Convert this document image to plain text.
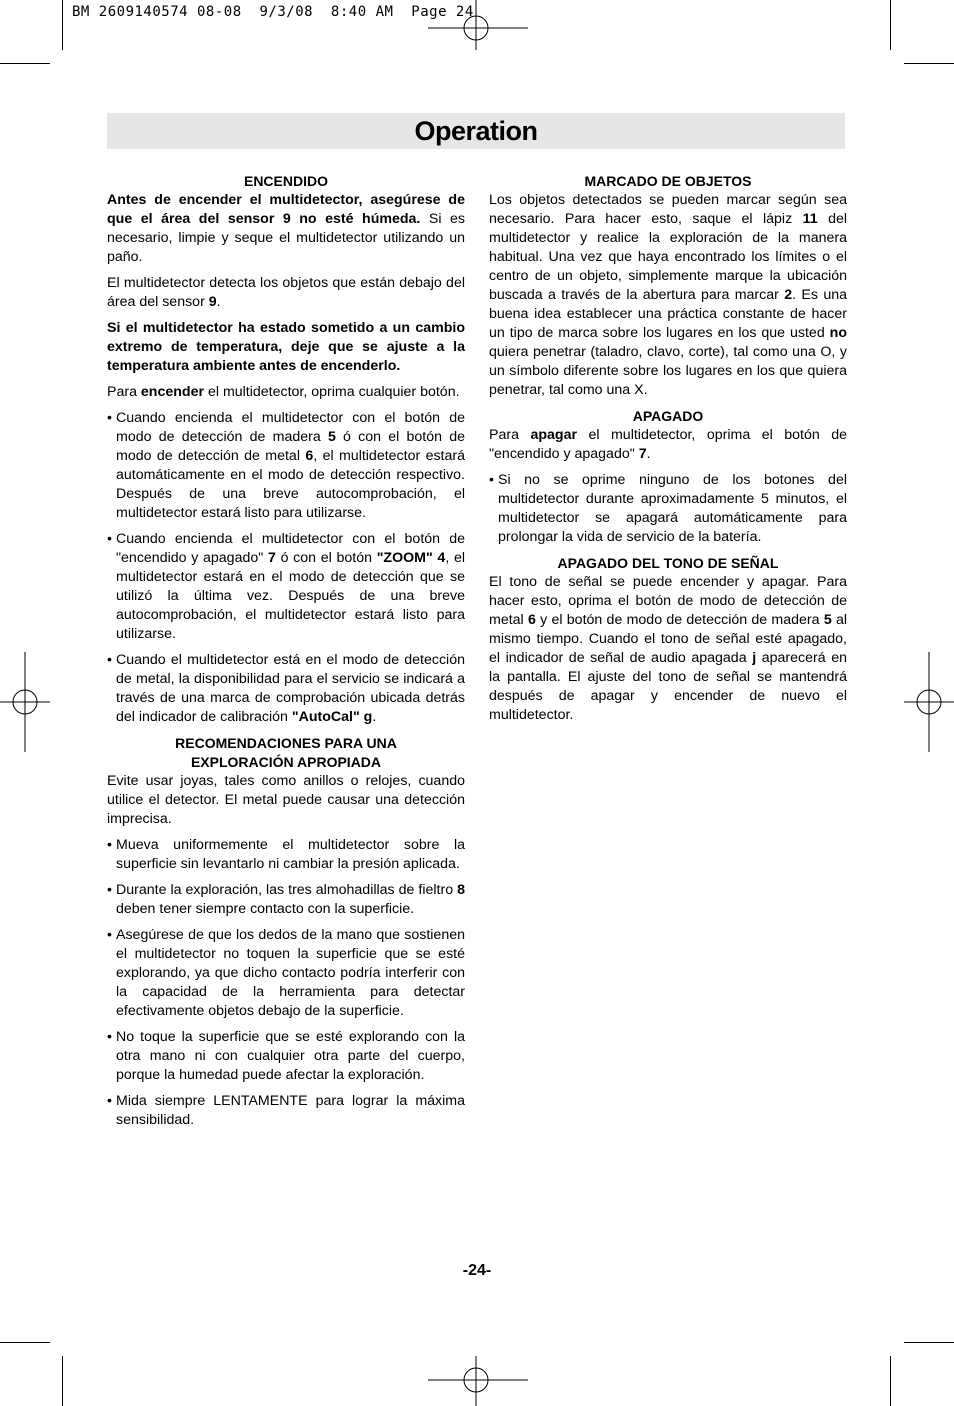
BM 2609140574 08-08  9/3/08  8:40 AM  Page 24
Operation
ENCENDIDO

Antes de encender el multidetector, asegúrese de que el área del sensor 9 no esté húmeda. Si es necesario, limpie y seque el multidetector utilizando un paño.

El multidetector detecta los objetos que están debajo del área del sensor 9.

Si el multidetector ha estado sometido a un cambio extremo de temperatura, deje que se ajuste a la temperatura ambiente antes de encenderlo.

Para encender el multidetector, oprima cualquier botón.

• Cuando encienda el multidetector con el botón de modo de detección de madera 5 ó con el botón de modo de detección de metal 6, el multidetector estará automáticamente en el modo de detección respectivo. Después de una breve autocomprobación, el multidetector estará listo para utilizarse.
• Cuando encienda el multidetector con el botón de "encendido y apagado" 7 ó con el botón "ZOOM" 4, el multidetector estará en el modo de detección que se utilizó la última vez. Después de una breve autocomprobación, el multidetector estará listo para utilizarse.
• Cuando el multidetector está en el modo de detección de metal, la disponibilidad para el servicio se indicará a través de una marca de comprobación ubicada detrás del indicador de calibración "AutoCal" g.
RECOMENDACIONES PARA UNA
EXPLORACIÓN APROPIADA

Evite usar joyas, tales como anillos o relojes, cuando utilice el detector. El metal puede causar una detección imprecisa.

• Mueva uniformemente el multidetector sobre la superficie sin levantarlo ni cambiar la presión aplicada.
• Durante la exploración, las tres almohadillas de fieltro 8 deben tener siempre contacto con la superficie.
• Asegúrese de que los dedos de la mano que sostienen el multidetector no toquen la superficie que se esté explorando, ya que dicho contacto podría interferir con la capacidad de la herramienta para detectar efectivamente objetos debajo de la superficie.
• No toque la superficie que se esté explorando con la otra mano ni con cualquier otra parte del cuerpo, porque la humedad puede afectar la exploración.
• Mida siempre LENTAMENTE para lograr la máxima sensibilidad.
MARCADO DE OBJETOS

Los objetos detectados se pueden marcar según sea necesario. Para hacer esto, saque el lápiz 11 del multidetector y realice la exploración de la manera habitual. Una vez que haya encontrado los límites o el centro de un objeto, simplemente marque la ubicación buscada a través de la abertura para marcar 2. Es una buena idea establecer una práctica constante de hacer un tipo de marca sobre los lugares en los que usted no quiera penetrar (taladro, clavo, corte), tal como una O, y un símbolo diferente sobre los lugares en los que quiera penetrar, tal como una X.

APAGADO

Para apagar el multidetector, oprima el botón de "encendido y apagado" 7.

• Si no se oprime ninguno de los botones del multidetector durante aproximadamente 5 minutos, el multidetector se apagará automáticamente para prolongar la vida de servicio de la batería.
APAGADO DEL TONO DE SEÑAL

El tono de señal se puede encender y apagar. Para hacer esto, oprima el botón de modo de detección de metal 6 y el botón de modo de detección de madera 5 al mismo tiempo. Cuando el tono de señal esté apagado, el indicador de señal de audio apagada j aparecerá en la pantalla. El ajuste del tono de señal se mantendrá después de apagar y encender de nuevo el multidetector.

-24-
